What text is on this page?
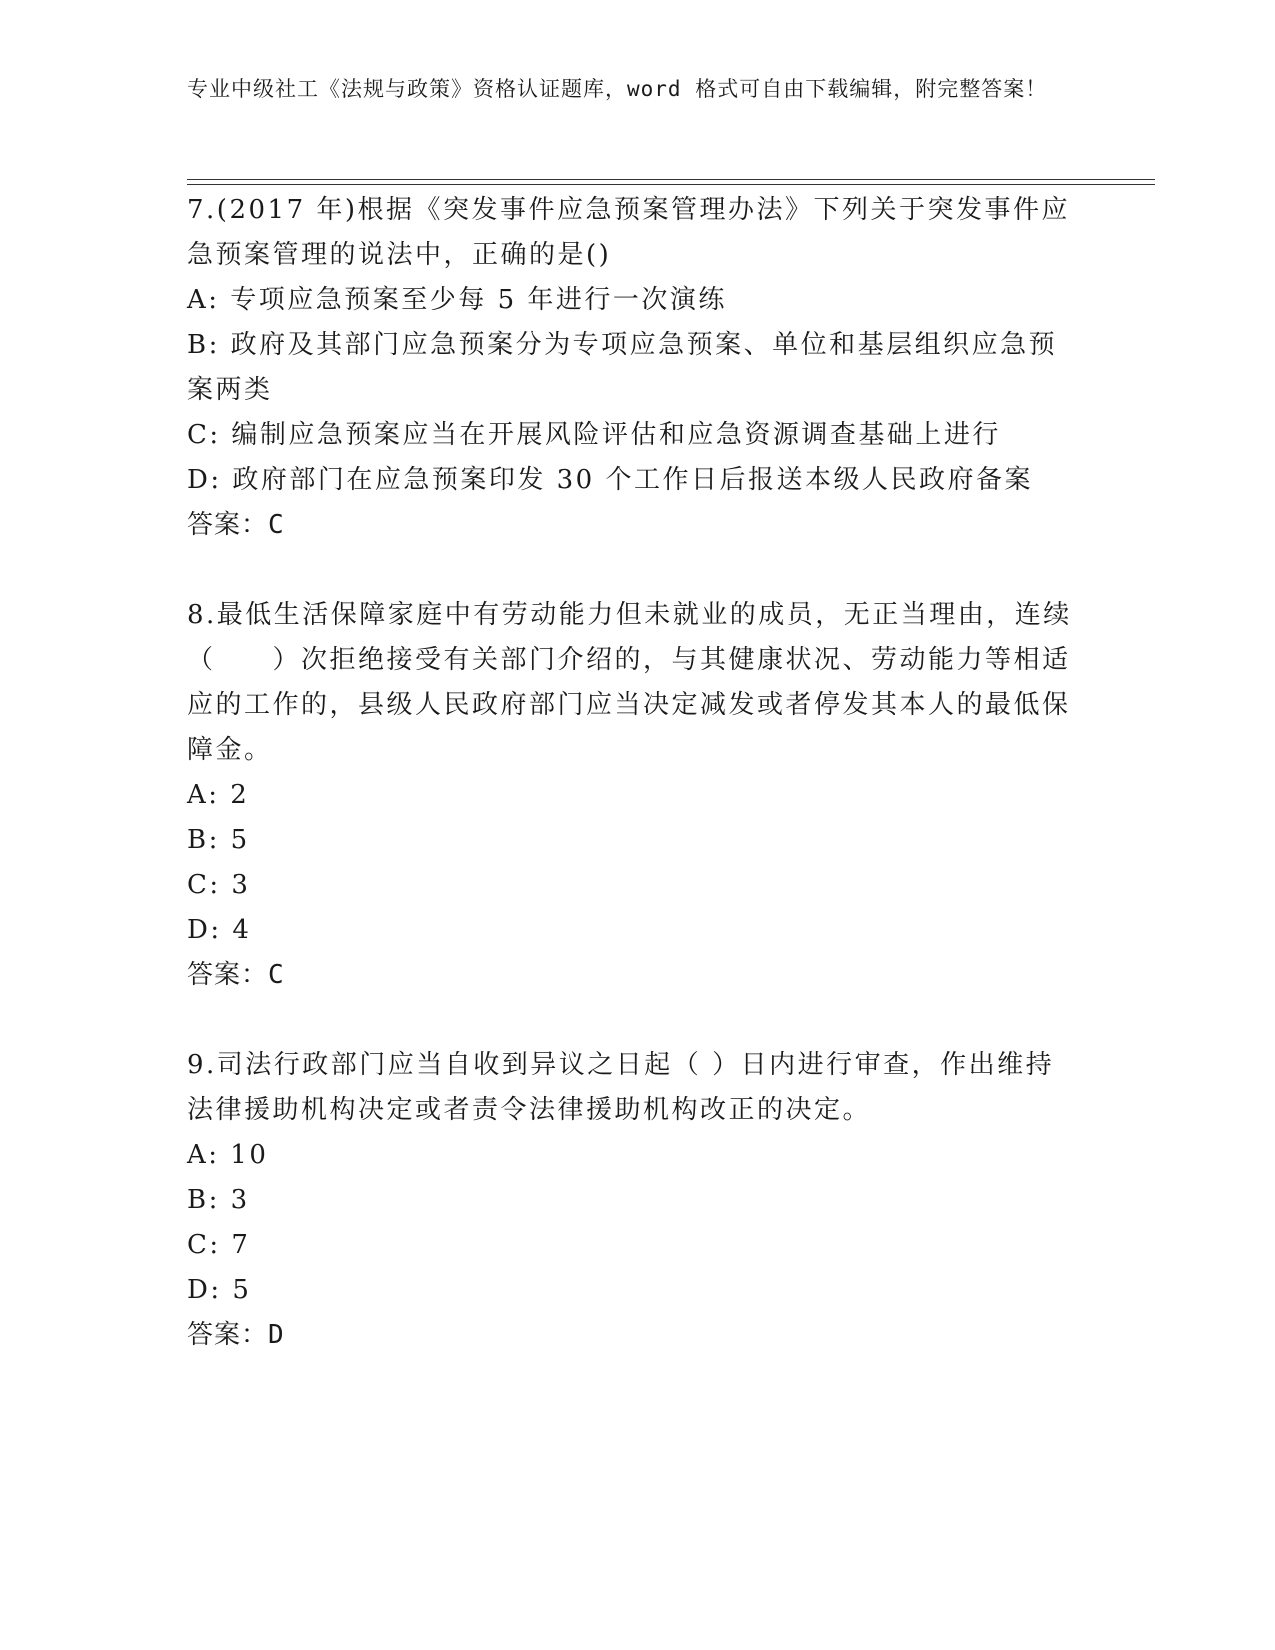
专业中级社工《法规与政策》资格认证题库，word 格式可自由下载编辑，附完整答案！
7.(2017 年)根据《突发事件应急预案管理办法》下列关于突发事件应急预案管理的说法中，正确的是()
A: 专项应急预案至少每 5 年进行一次演练
B: 政府及其部门应急预案分为专项应急预案、单位和基层组织应急预案两类
C: 编制应急预案应当在开展风险评估和应急资源调查基础上进行
D: 政府部门在应急预案印发 30 个工作日后报送本级人民政府备案
答案：C
8.最低生活保障家庭中有劳动能力但未就业的成员，无正当理由，连续（　　）次拒绝接受有关部门介绍的，与其健康状况、劳动能力等相适应的工作的，县级人民政府部门应当决定减发或者停发其本人的最低保障金。
A: 2
B: 5
C: 3
D: 4
答案：C
9.司法行政部门应当自收到异议之日起（ ）日内进行审查，作出维持法律援助机构决定或者责令法律援助机构改正的决定。
A: 10
B: 3
C: 7
D: 5
答案：D
